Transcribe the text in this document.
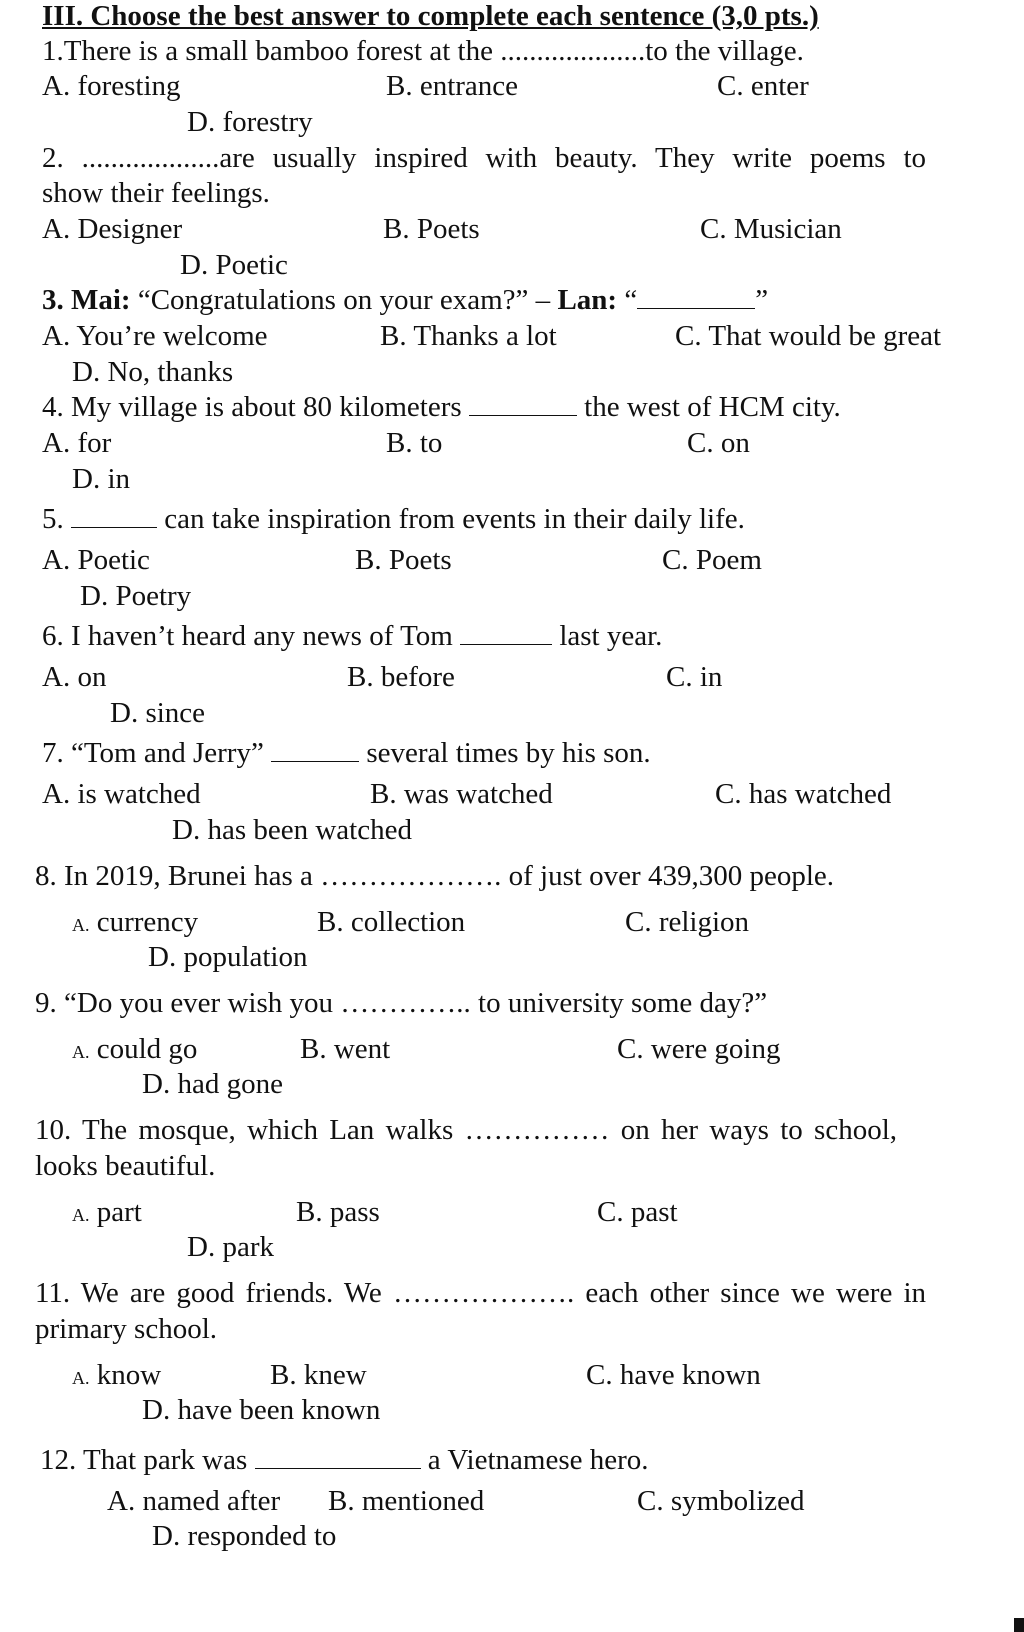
III. Choose the best answer to complete each sentence (3,0 pts.)
1.There is a small bamboo forest at the ....................to the village.
A. foresting	B. entrance	C. enter
D. forestry
2. ...................are usually inspired with beauty. They write poems to
show their feelings.
A. Designer	B. Poets	C. Musician
D. Poetic
3. Mai: “Congratulations on your exam?” – Lan: “	”
A. You’re welcome	B. Thanks a lot	C. That would be great
D. No, thanks
4. My village is about 80 kilometers	the west of HCM city.
A. for	B. to	C. on
D. in
5.	can take inspiration from events in their daily life.
A. Poetic	B. Poets	C. Poem
D. Poetry
6. I haven’t heard any news of Tom	last year.
A. on	B. before	C. in
D. since
7. “Tom and Jerry”	several times by his son.
A. is watched	B. was watched	C. has watched
D. has been watched
8. In 2019, Brunei has a ………………. of just over 439,300 people.
A. currency	B. collection	C. religion
D. population
9. “Do you ever wish you ………….. to university some day?”
A. could go	B. went	C. were going
D. had gone
10. The mosque, which Lan walks …………… on her ways to school,
looks beautiful.
A. part	B. pass	C. past
D. park
11. We are good friends. We ………………. each other since we were in
primary school.
A. know	B. knew	C. have known
D. have been known
12. That park was	a Vietnamese hero.
A. named after B. mentioned	C. symbolized
D. responded to
